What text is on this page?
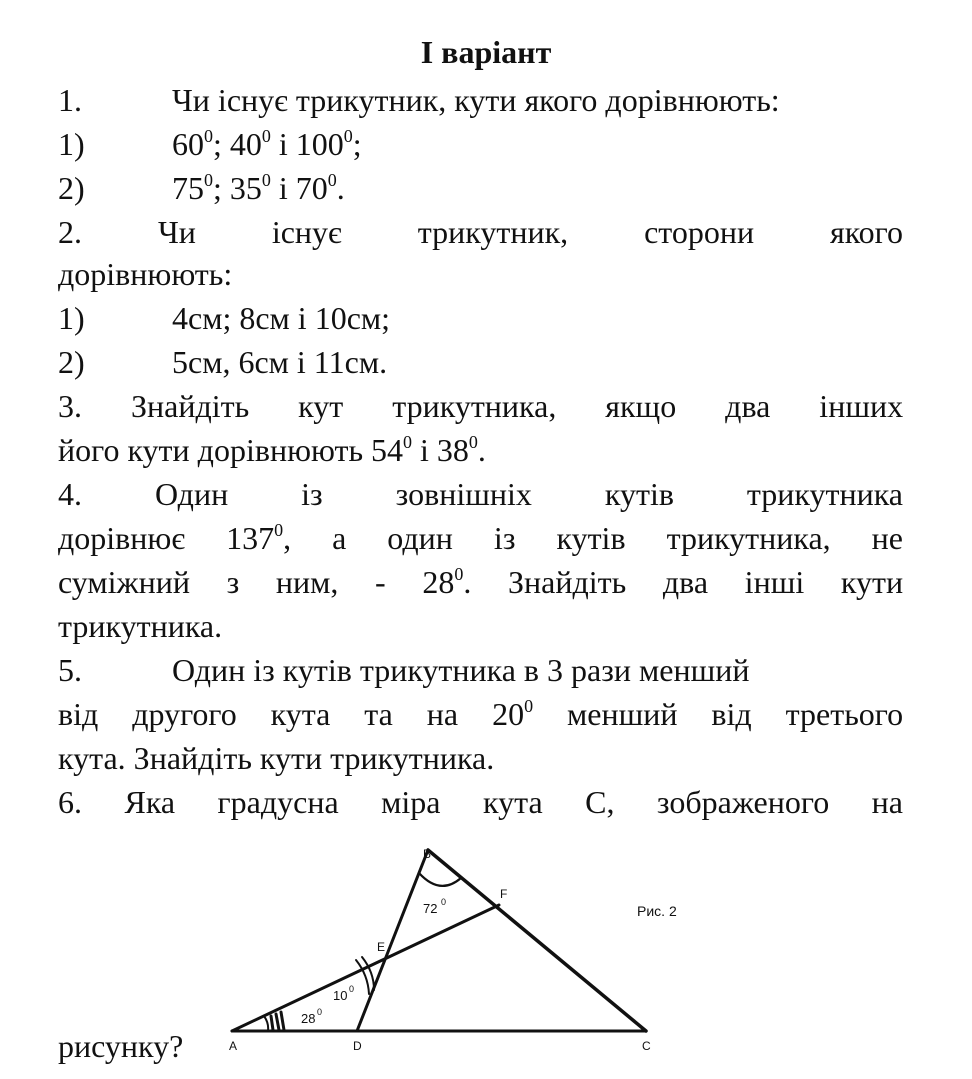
І варіант
1.	Чи існує трикутник, кути якого дорівнюють:
1)	$60^0$; $40^0$ і $100^0$;
2)	$75^0$; $35^0$ і $70^0$.
2. Чи існує трикутник, сторони якого
дорівнюють:
1)	4см; 8см і 10см;
2)	5см, 6см і 11см.
3. Знайдіть кут трикутника, якщо два інших
його кути дорівнюють $54^0$ і $38^0$.
4. Один із зовнішніх кутів трикутника
дорівнює $137^0$, а один із кутів трикутника, не
суміжний з ним, - $28^0$. Знайдіть два інші кути
трикутника.
5.	Один із кутів трикутника в 3 рази менший
від другого кута та на $20^0$ менший від третього
кута. Знайдіть кути трикутника.
6. Яка градусна міра кута С, зображеного на
рисунку?
B
F
E
A	D	C
Рис. 2
72 0
10 0
28 0
